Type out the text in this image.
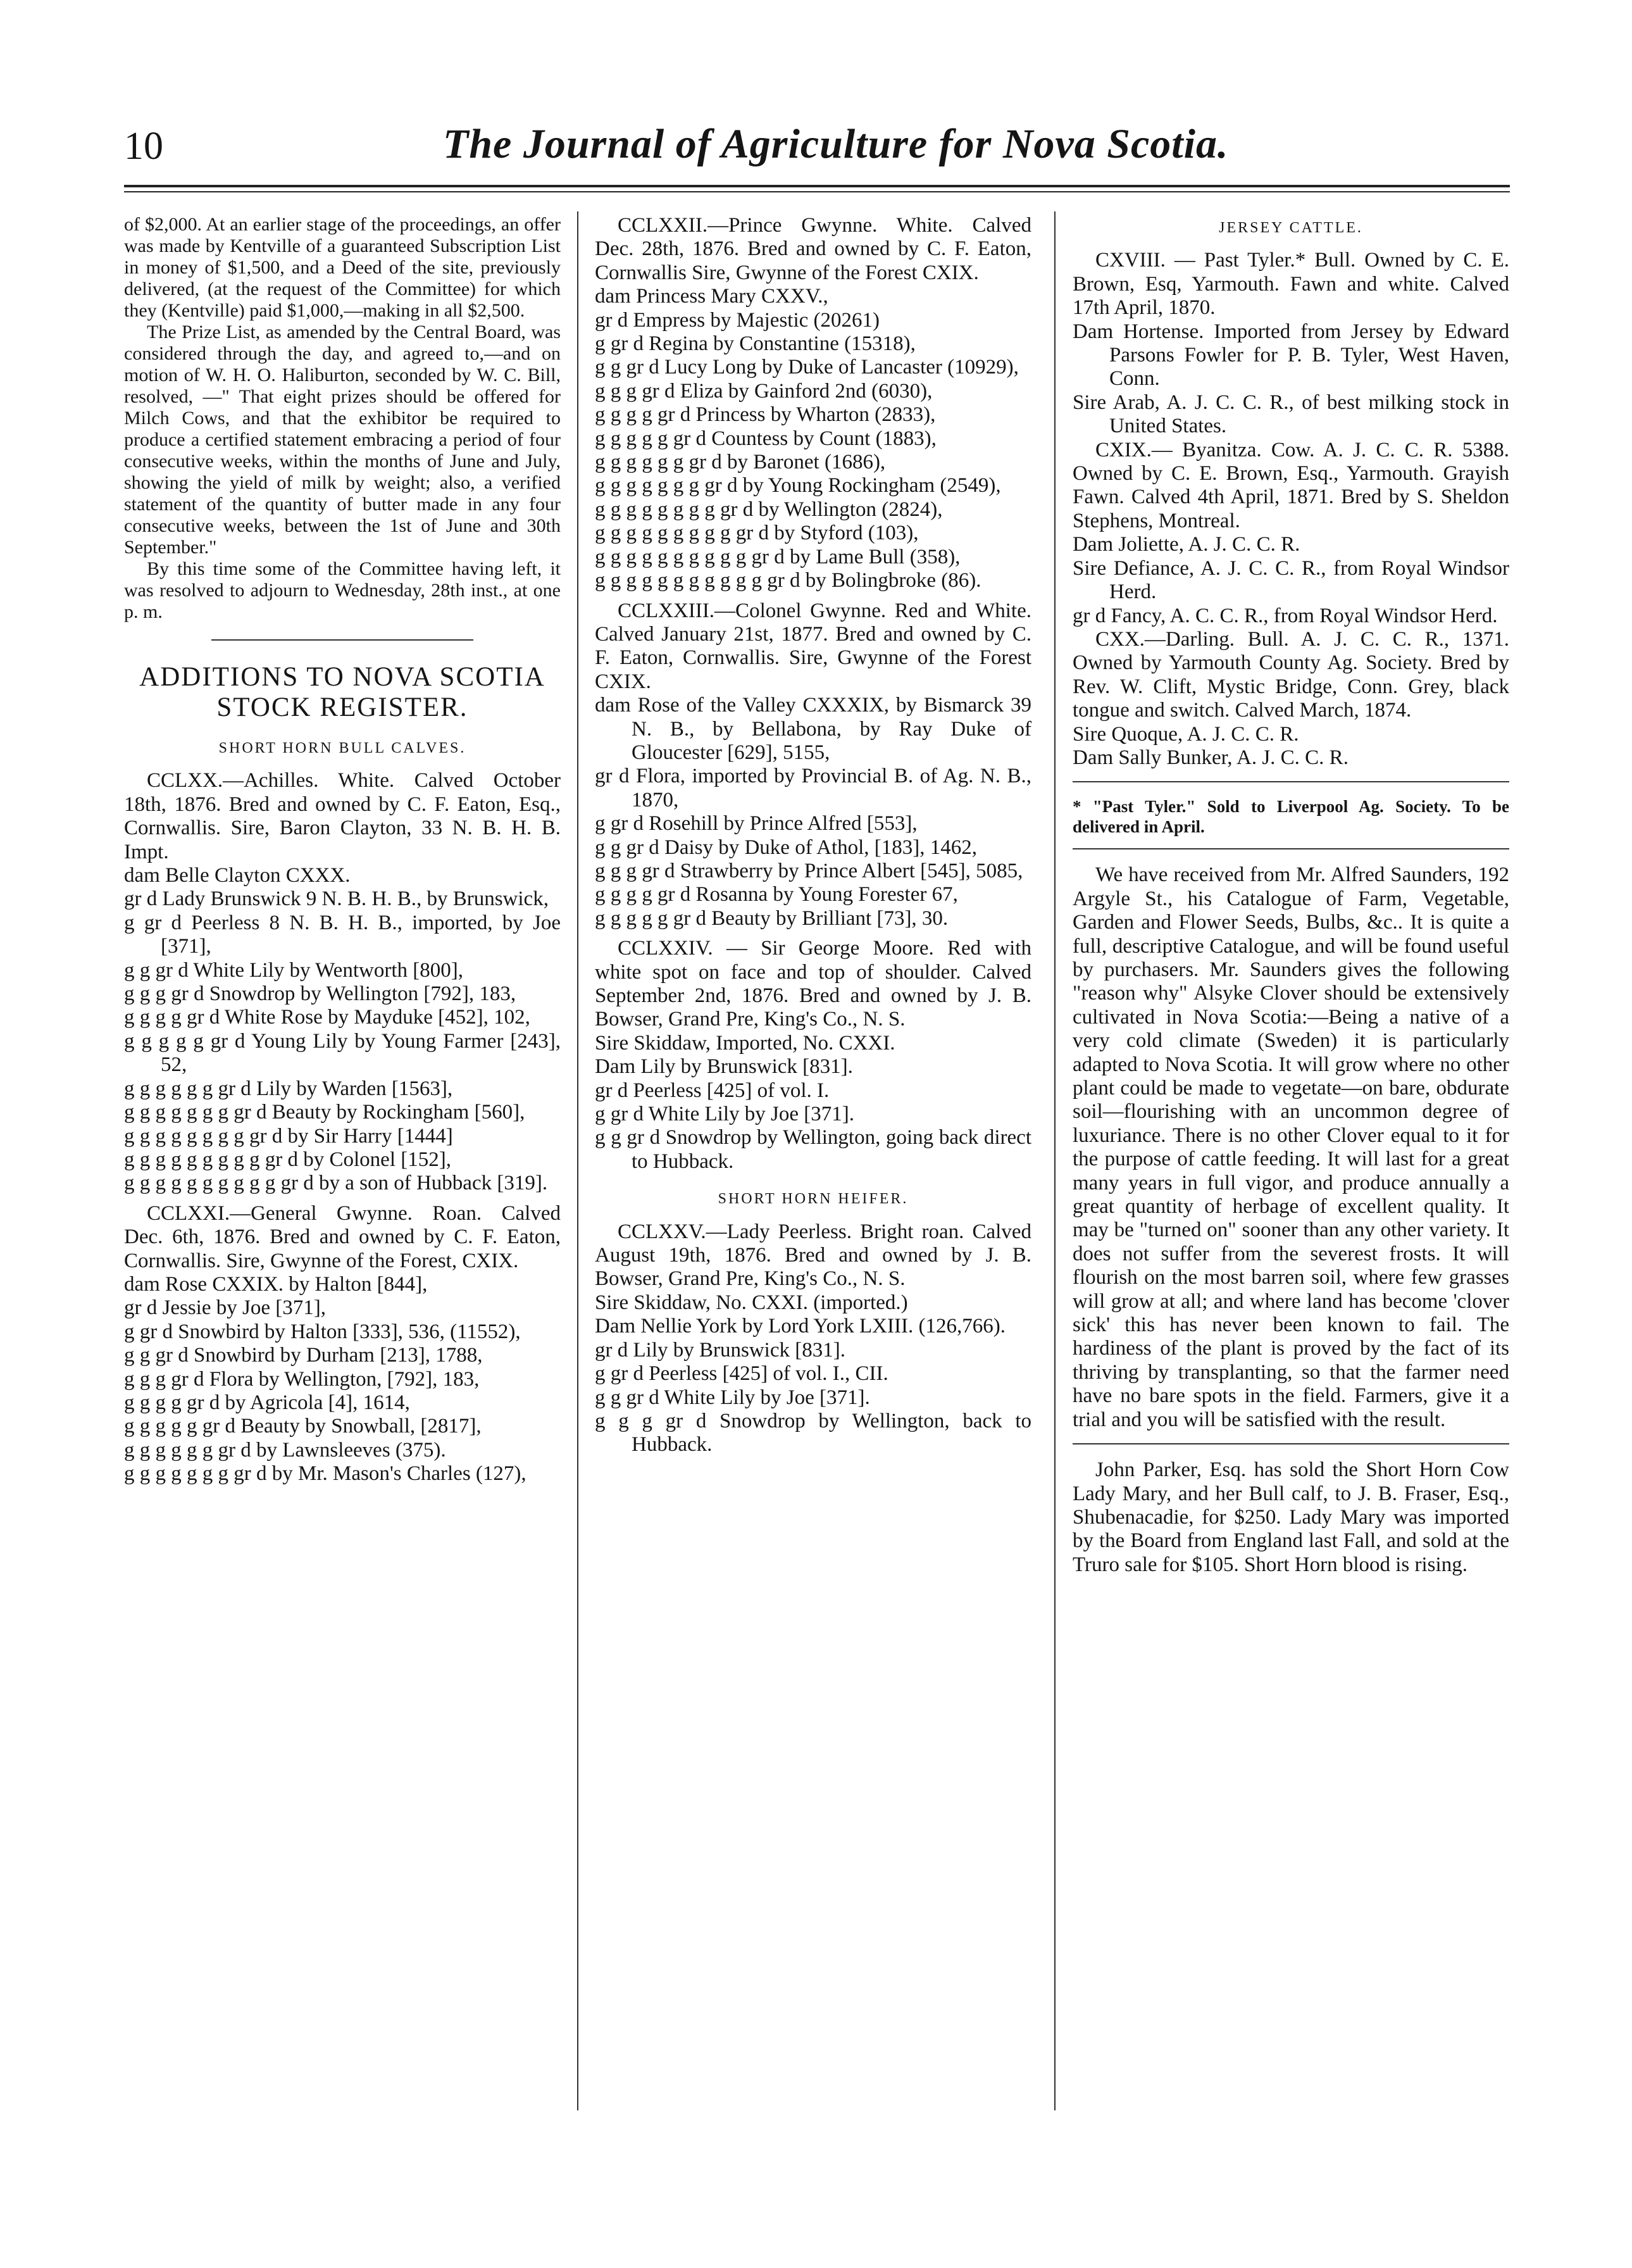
10	The Journal of Agriculture for Nova Scotia.

of $2,000. At an earlier stage of the proceedings, an offer was made by Kentville of a guaranteed Subscription List in money of $1,500, and a Deed of the site, previously delivered, (at the request of the Committee) for which they (Kentville) paid $1,000,—making in all $2,500.

The Prize List, as amended by the Central Board, was considered through the day, and agreed to,—and on motion of W. H. O. Haliburton, seconded by W. C. Bill, resolved, —" That eight prizes should be offered for Milch Cows, and that the exhibitor be required to produce a certified statement embracing a period of four consecutive weeks, within the months of June and July, showing the yield of milk by weight; also, a verified statement of the quantity of butter made in any four consecutive weeks, between the 1st of June and 30th September."

By this time some of the Committee having left, it was resolved to adjourn to Wednesday, 28th inst., at one p. m.

ADDITIONS TO NOVA SCOTIA STOCK REGISTER.
SHORT HORN BULL CALVES.

CCLXX.—Achilles. White. Calved October 18th, 1876. Bred and owned by C. F. Eaton, Esq., Cornwallis. Sire, Baron Clayton, 33 N. B. H. B. Impt.

dam Belle Clayton CXXX.

gr d Lady Brunswick 9 N. B. H. B., by Brunswick,

g gr d Peerless 8 N. B. H. B., imported, by Joe [371],

g g gr d White Lily by Wentworth [800],

g g g gr d Snowdrop by Wellington [792], 183,

g g g g gr d White Rose by Mayduke [452], 102,

g g g g g gr d Young Lily by Young Farmer [243], 52,

g g g g g g gr d Lily by Warden [1563],

g g g g g g g gr d Beauty by Rockingham [560],

g g g g g g g g gr d by Sir Harry [1444]

g g g g g g g g g gr d by Colonel [152],

g g g g g g g g g g gr d by a son of Hubback [319].

CCLXXI.—General Gwynne. Roan. Calved Dec. 6th, 1876. Bred and owned by C. F. Eaton, Cornwallis. Sire, Gwynne of the Forest, CXIX.

dam Rose CXXIX. by Halton [844],

gr d Jessie by Joe [371],

g gr d Snowbird by Halton [333], 536, (11552),

g g gr d Snowbird by Durham [213], 1788,

g g g gr d Flora by Wellington, [792], 183,

g g g g gr d by Agricola [4], 1614,

g g g g g gr d Beauty by Snowball, [2817],

g g g g g g gr d by Lawnsleeves (375).

g g g g g g g gr d by Mr. Mason's Charles (127),

CCLXXII.—Prince Gwynne. White. Calved Dec. 28th, 1876. Bred and owned by C. F. Eaton, Cornwallis Sire, Gwynne of the Forest CXIX.

dam Princess Mary CXXV.,

gr d Empress by Majestic (20261)

g gr d Regina by Constantine (15318),

g g gr d Lucy Long by Duke of Lancaster (10929),

g g g gr d Eliza by Gainford 2nd (6030),

g g g g gr d Princess by Wharton (2833),

g g g g g gr d Countess by Count (1883),

g g g g g g gr d by Baronet (1686),

g g g g g g g gr d by Young Rockingham (2549),

g g g g g g g g gr d by Wellington (2824),

g g g g g g g g g gr d by Styford (103),

g g g g g g g g g g gr d by Lame Bull (358),

g g g g g g g g g g g gr d by Bolingbroke (86).

CCLXXIII.—Colonel Gwynne. Red and White. Calved January 21st, 1877. Bred and owned by C. F. Eaton, Cornwallis. Sire, Gwynne of the Forest CXIX.

dam Rose of the Valley CXXXIX, by Bismarck 39 N. B., by Bellabona, by Ray Duke of Gloucester [629], 5155,

gr d Flora, imported by Provincial B. of Ag. N. B., 1870,

g gr d Rosehill by Prince Alfred [553],

g g gr d Daisy by Duke of Athol, [183], 1462,

g g g gr d Strawberry by Prince Albert [545], 5085,

g g g g gr d Rosanna by Young Forester 67,

g g g g g gr d Beauty by Brilliant [73], 30.

CCLXXIV. — Sir George Moore. Red with white spot on face and top of shoulder. Calved September 2nd, 1876. Bred and owned by J. B. Bowser, Grand Pre, King's Co., N. S.

Sire Skiddaw, Imported, No. CXXI.

Dam Lily by Brunswick [831].

gr d Peerless [425] of vol. I.

g gr d White Lily by Joe [371].

g g gr d Snowdrop by Wellington, going back direct to Hubback.

SHORT HORN HEIFER.

CCLXXV.—Lady Peerless. Bright roan. Calved August 19th, 1876. Bred and owned by J. B. Bowser, Grand Pre, King's Co., N. S.

Sire Skiddaw, No. CXXI. (imported.)

Dam Nellie York by Lord York LXIII. (126,766).

gr d Lily by Brunswick [831].

g gr d Peerless [425] of vol. I., CII.

g g gr d White Lily by Joe [371].

g g g gr d Snowdrop by Wellington, back to Hubback.

JERSEY CATTLE.

CXVIII. — Past Tyler.* Bull. Owned by C. E. Brown, Esq, Yarmouth. Fawn and white. Calved 17th April, 1870.

Dam Hortense. Imported from Jersey by Edward Parsons Fowler for P. B. Tyler, West Haven, Conn.

Sire Arab, A. J. C. C. R., of best milking stock in United States.

CXIX.— Byanitza. Cow. A. J. C. C. R. 5388. Owned by C. E. Brown, Esq., Yarmouth. Grayish Fawn. Calved 4th April, 1871. Bred by S. Sheldon Stephens, Montreal.

Dam Joliette, A. J. C. C. R.

Sire Defiance, A. J. C. C. R., from Royal Windsor Herd.

gr d Fancy, A. C. C. R., from Royal Windsor Herd.

CXX.—Darling. Bull. A. J. C. C. R., 1371. Owned by Yarmouth County Ag. Society. Bred by Rev. W. Clift, Mystic Bridge, Conn. Grey, black tongue and switch. Calved March, 1874.

Sire Quoque, A. J. C. C. R.

Dam Sally Bunker, A. J. C. C. R.

* "Past Tyler." Sold to Liverpool Ag. Society. To be delivered in April.

We have received from Mr. Alfred Saunders, 192 Argyle St., his Catalogue of Farm, Vegetable, Garden and Flower Seeds, Bulbs, &c.. It is quite a full, descriptive Catalogue, and will be found useful by purchasers. Mr. Saunders gives the following "reason why" Alsyke Clover should be extensively cultivated in Nova Scotia:—Being a native of a very cold climate (Sweden) it is particularly adapted to Nova Scotia. It will grow where no other plant could be made to vegetate—on bare, obdurate soil—flourishing with an uncommon degree of luxuriance. There is no other Clover equal to it for the purpose of cattle feeding. It will last for a great many years in full vigor, and produce annually a great quantity of herbage of excellent quality. It may be "turned on" sooner than any other variety. It does not suffer from the severest frosts. It will flourish on the most barren soil, where few grasses will grow at all; and where land has become 'clover sick' this has never been known to fail. The hardiness of the plant is proved by the fact of its thriving by transplanting, so that the farmer need have no bare spots in the field. Farmers, give it a trial and you will be satisfied with the result.

John Parker, Esq. has sold the Short Horn Cow Lady Mary, and her Bull calf, to J. B. Fraser, Esq., Shubenacadie, for $250. Lady Mary was imported by the Board from England last Fall, and sold at the Truro sale for $105. Short Horn blood is rising.
